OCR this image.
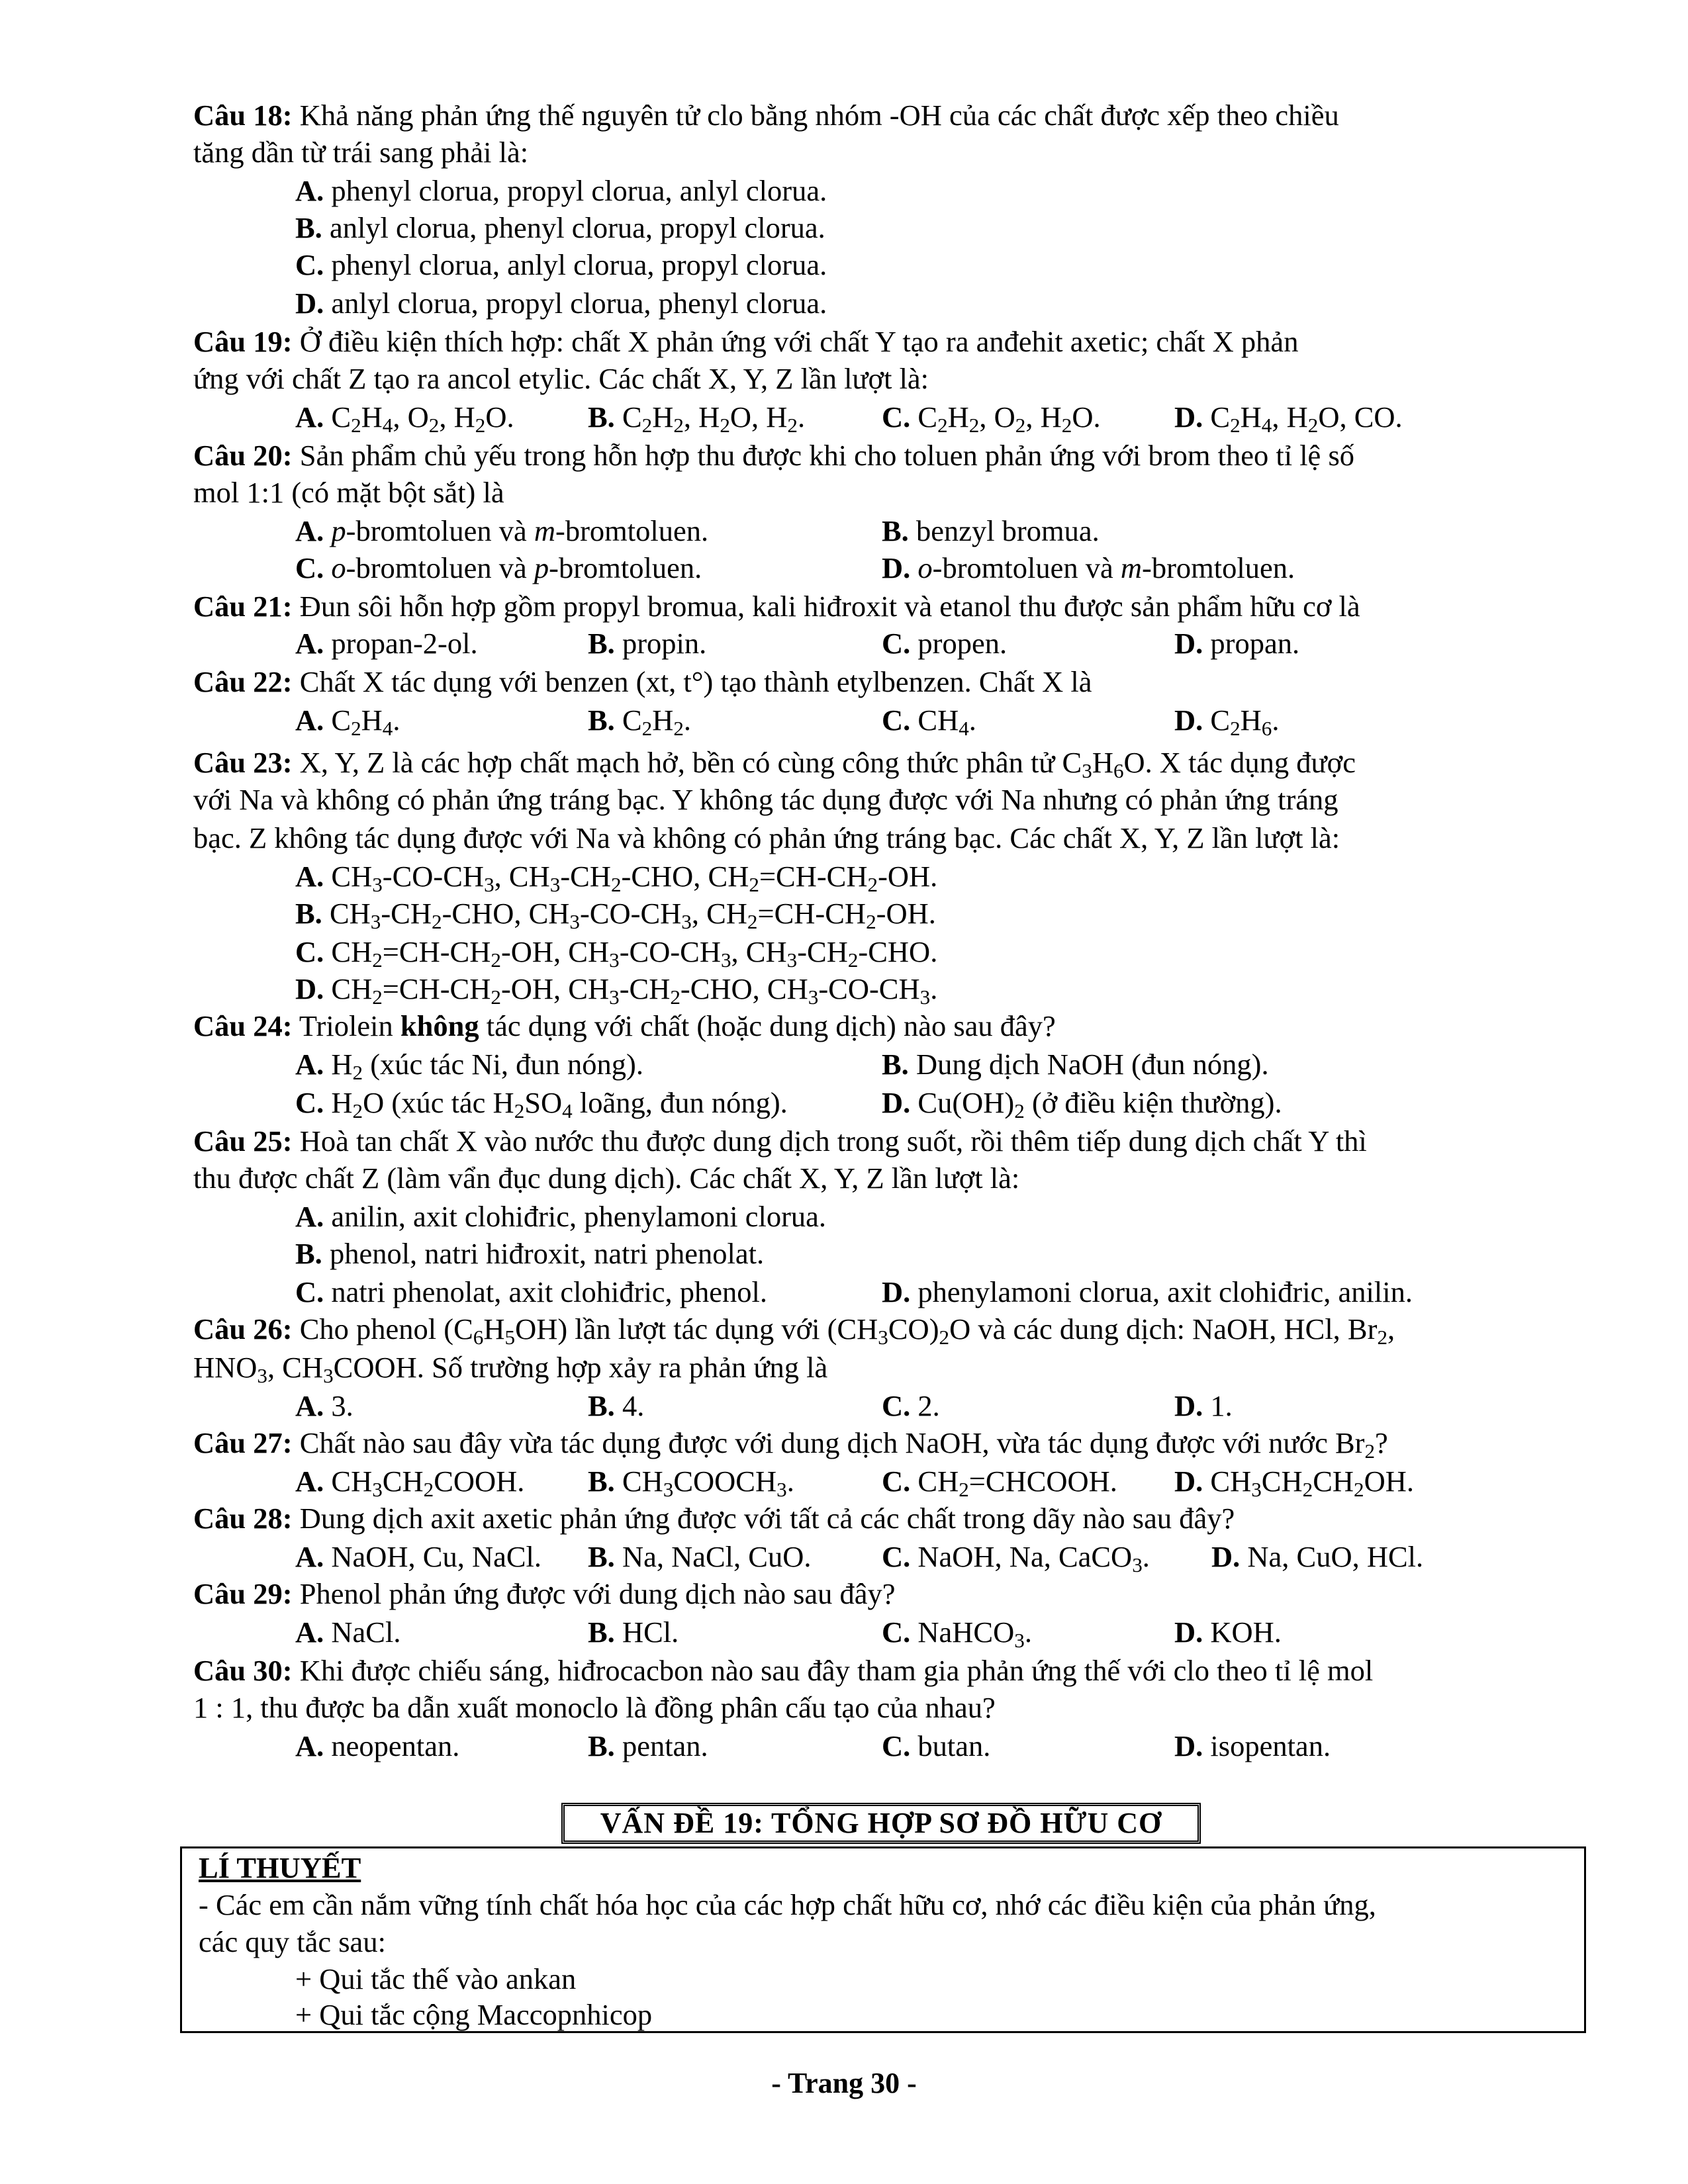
Câu 18: Khả năng phản ứng thế nguyên tử clo bằng nhóm -OH của các chất được xếp theo chiều
tăng dần từ trái sang phải là:
A. phenyl clorua, propyl clorua, anlyl clorua.
B. anlyl clorua, phenyl clorua, propyl clorua.
C. phenyl clorua, anlyl clorua, propyl clorua.
D. anlyl clorua, propyl clorua, phenyl clorua.
Câu 19: Ở điều kiện thích hợp: chất X phản ứng với chất Y tạo ra anđehit axetic; chất X phản
ứng với chất Z tạo ra ancol etylic. Các chất X, Y, Z lần lượt là:
A. $C_2H_4$, $O_2$, $H_2O$.	B. $C_2H_2$, $H_2O$, $H_2$.	C. $C_2H_2$, $O_2$, $H_2O$.	D. $C_2H_4$, $H_2O$, CO.
Câu 20: Sản phẩm chủ yếu trong hỗn hợp thu được khi cho toluen phản ứng với brom theo tỉ lệ số
mol 1:1 (có mặt bột sắt) là
A. p-bromtoluen và m-bromtoluen.	B. benzyl bromua.
C. o-bromtoluen và p-bromtoluen.	D. o-bromtoluen và m-bromtoluen.
Câu 21: Đun sôi hỗn hợp gồm propyl bromua, kali hiđroxit và etanol thu được sản phẩm hữu cơ là
A. propan-2-ol.	B. propin.	C. propen.	D. propan.
Câu 22: Chất X tác dụng với benzen (xt, t°) tạo thành etylbenzen. Chất X là
A. $C_2H_4$.	B. $C_2H_2$.	C. $CH_4$.	D. $C_2H_6$.
Câu 23: X, Y, Z là các hợp chất mạch hở, bền có cùng công thức phân tử $C_3H_6O$. X tác dụng được
với Na và không có phản ứng tráng bạc. Y không tác dụng được với Na nhưng có phản ứng tráng
bạc. Z không tác dụng được với Na và không có phản ứng tráng bạc. Các chất X, Y, Z lần lượt là:
A. $CH_3-CO-CH_3$, $CH_3-CH_2$-CHO, $CH_2=CH-CH_2-OH$.
B. $CH_3-CH_2$-CHO, $CH_3-CO-CH_3$, $CH_2=CH-CH_2-OH$.
C. $CH_2=CH-CH_2-OH$, $CH_3-CO-CH_3$, $CH_3-CH_2$-CHO.
D. $CH_2=CH-CH_2-OH$, $CH_3-CH_2$-CHO, $CH_3-CO-CH_3$.
Câu 24: Triolein không tác dụng với chất (hoặc dung dịch) nào sau đây?
A. $H_2$ (xúc tác Ni, đun nóng).	B. Dung dịch NaOH (đun nóng).
C. $H_2O$ (xúc tác $H_2SO_4$ loãng, đun nóng).	D. $Cu(OH)_2$ (ở điều kiện thường).
Câu 25: Hoà tan chất X vào nước thu được dung dịch trong suốt, rồi thêm tiếp dung dịch chất Y thì
thu được chất Z (làm vẩn đục dung dịch). Các chất X, Y, Z lần lượt là:
A. anilin, axit clohiđric, phenylamoni clorua.
B. phenol, natri hiđroxit, natri phenolat.
C. natri phenolat, axit clohiđric, phenol.	D. phenylamoni clorua, axit clohiđric, anilin.
Câu 26: Cho phenol $(C_6H_5OH)$ lần lượt tác dụng với $(CH_3CO)_2O$ và các dung dịch: NaOH, HCl, $Br_2$,
$HNO_3$, $CH_3COOH$. Số trường hợp xảy ra phản ứng là
A. 3.	B. 4.	C. 2.	D. 1.
Câu 27: Chất nào sau đây vừa tác dụng được với dung dịch NaOH, vừa tác dụng được với nước $Br_2$?
A. $CH_3CH_2COOH$. B. $CH_3COOCH_3$.	C. $CH_2=CHCOOH$. D. $CH_3CH_2CH_2OH$.
Câu 28: Dung dịch axit axetic phản ứng được với tất cả các chất trong dãy nào sau đây?
A. NaOH, Cu, NaCl. B. Na, NaCl, CuO. C. NaOH, Na, CaCO$_3$. D. Na, CuO, HCl.
Câu 29: Phenol phản ứng được với dung dịch nào sau đây?
A. NaCl.	B. HCl.	C. NaHCO$_3$.	D. KOH.
Câu 30: Khi được chiếu sáng, hiđrocacbon nào sau đây tham gia phản ứng thế với clo theo tỉ lệ mol
1 : 1, thu được ba dẫn xuất monoclo là đồng phân cấu tạo của nhau?
A. neopentan.	B. pentan.	C. butan.	D. isopentan.
VẤN ĐỀ 19: TỔNG HỢP SƠ ĐỒ HỮU CƠ
LÍ THUYẾT
- Các em cần nắm vững tính chất hóa học của các hợp chất hữu cơ, nhớ các điều kiện của phản ứng,
các quy tắc sau:
+ Qui tắc thế vào ankan
+ Qui tắc cộng Maccopnhicop
- Trang 30 -
